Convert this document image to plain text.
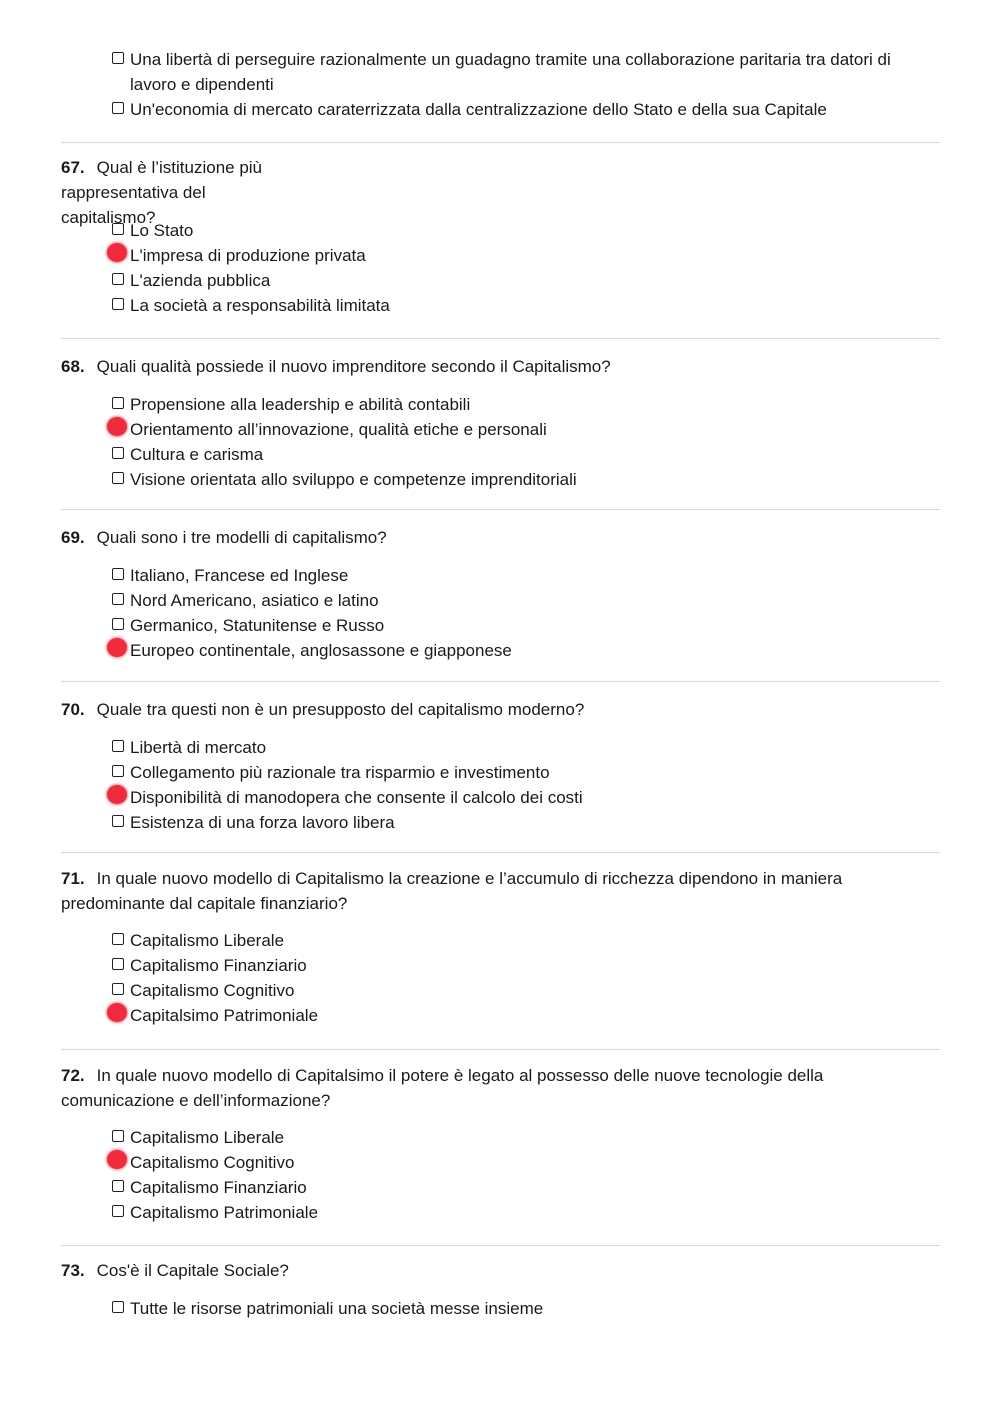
Una libertà di perseguire razionalmente un guadagno tramite una collaborazione paritaria tra datori di lavoro e dipendenti
Un'economia di mercato caraterrizzata dalla centralizzazione dello Stato e della sua Capitale
67. Qual è l’istituzione più rappresentativa del capitalismo?
Lo Stato
L'impresa di produzione privata
L'azienda pubblica
La società a responsabilità limitata
68. Quali qualità possiede il nuovo imprenditore secondo il Capitalismo?
Propensione alla leadership e abilità contabili
Orientamento all’innovazione, qualità etiche e personali
Cultura e carisma
Visione orientata allo sviluppo e competenze imprenditoriali
69. Quali sono i tre modelli di capitalismo?
Italiano, Francese ed Inglese
Nord Americano, asiatico e latino
Germanico, Statunitense e Russo
Europeo continentale, anglosassone e giapponese
70. Quale tra questi non è un presupposto del capitalismo moderno?
Libertà di mercato
Collegamento più razionale tra risparmio e investimento
Disponibilità di manodopera che consente il calcolo dei costi
Esistenza di una forza lavoro libera
71. In quale nuovo modello di Capitalismo la creazione e l’accumulo di ricchezza dipendono in maniera predominante dal capitale finanziario?
Capitalismo Liberale
Capitalismo Finanziario
Capitalismo Cognitivo
Capitalsimo Patrimoniale
72. In quale nuovo modello di Capitalsimo il potere è legato al possesso delle nuove tecnologie della comunicazione e dell’informazione?
Capitalismo Liberale
Capitalismo Cognitivo
Capitalismo Finanziario
Capitalismo Patrimoniale
73. Cos'è il Capitale Sociale?
Tutte le risorse patrimoniali una società messe insieme
